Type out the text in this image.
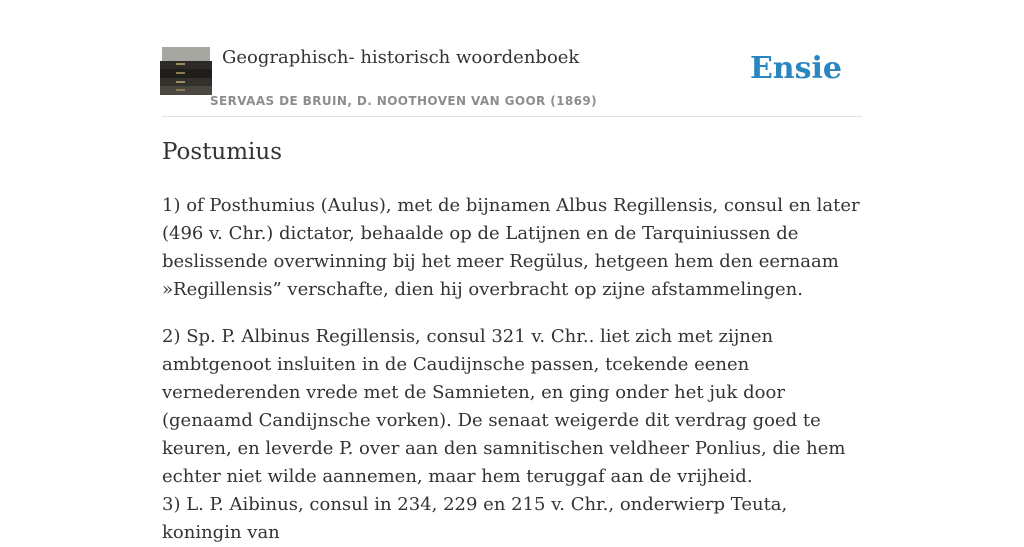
Geographisch- historisch woordenboek
SERVAAS DE BRUIN, D. NOOTHOVEN VAN GOOR (1869)
Ensie
Postumius

1) of Posthumius (Aulus), met de bijnamen Albus Regillensis, consul en later (496 v. Chr.) dictator, behaalde op de Latijnen en de Tarquiniussen de beslissende overwinning bij het meer Regülus, hetgeen hem den eernaam »Regillensis” verschafte, dien hij overbracht op zijne afstammelingen.

2) Sp. P. Albinus Regillensis, consul 321 v. Chr.. liet zich met zijnen ambtgenoot insluiten in de Caudijnsche passen, tcekende eenen vernederenden vrede met de Samnieten, en ging onder het juk door (genaamd Candijnsche vorken). De senaat weigerde dit verdrag goed te keuren, en leverde P. over aan den samnitischen veldheer Ponlius, die hem echter niet wilde aannemen, maar hem teruggaf aan de vrijheid.

3) L. P. Aibinus, consul in 234, 229 en 215 v. Chr., onderwierp Teuta, koningin van
